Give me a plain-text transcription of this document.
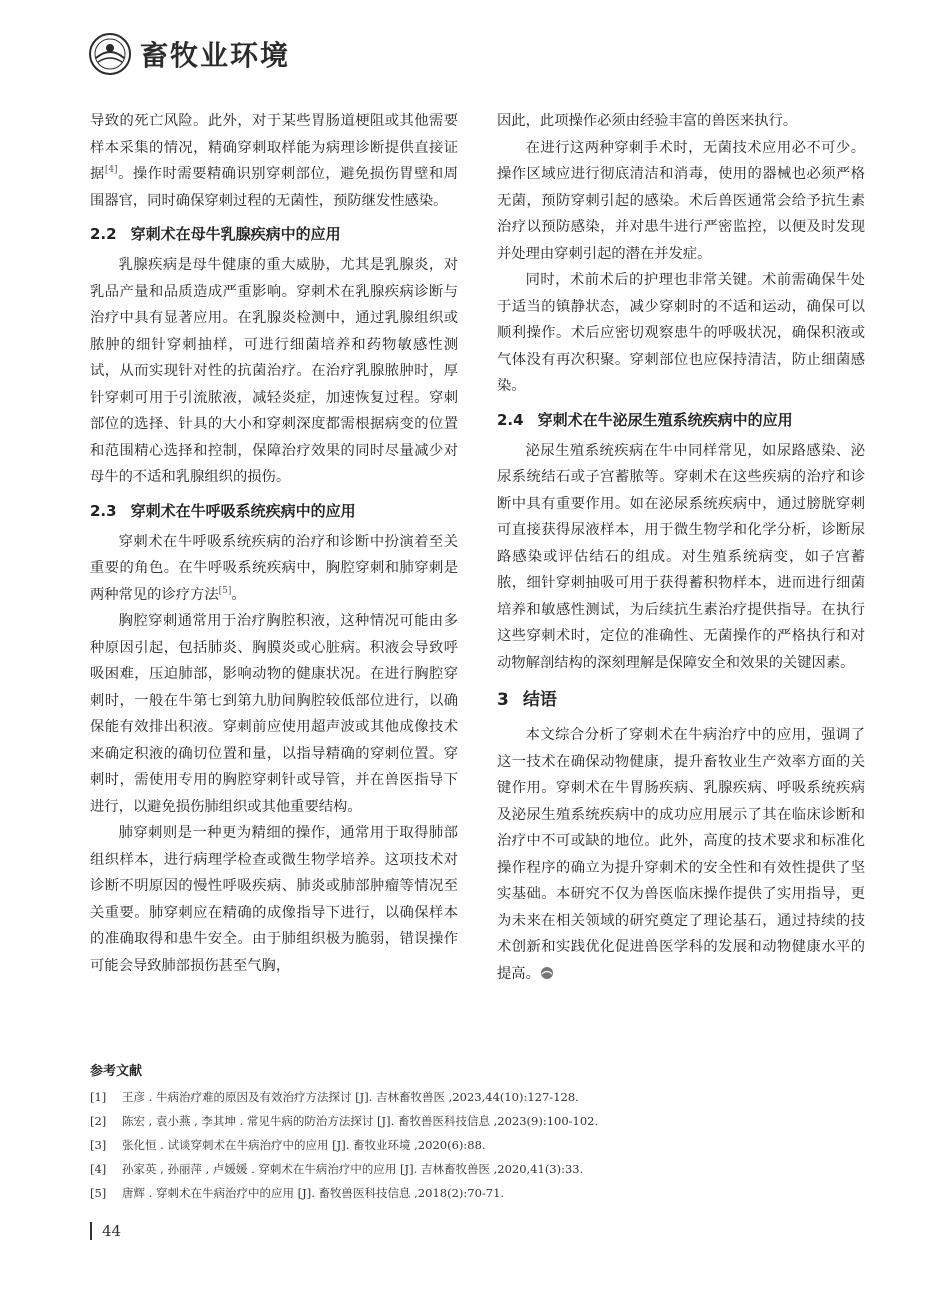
畜牧业环境

导致的死亡风险。此外，对于某些胃肠道梗阻或其他需要样本采集的情况，精确穿刺取样能为病理诊断提供直接证据[4]。操作时需要精确识别穿刺部位，避免损伤胃壁和周围器官，同时确保穿刺过程的无菌性，预防继发性感染。

2.2 穿刺术在母牛乳腺疾病中的应用

乳腺疾病是母牛健康的重大威胁，尤其是乳腺炎，对乳品产量和品质造成严重影响。穿刺术在乳腺疾病诊断与治疗中具有显著应用。在乳腺炎检测中，通过乳腺组织或脓肿的细针穿刺抽样，可进行细菌培养和药物敏感性测试，从而实现针对性的抗菌治疗。在治疗乳腺脓肿时，厚针穿刺可用于引流脓液，减轻炎症，加速恢复过程。穿刺部位的选择、针具的大小和穿刺深度都需根据病变的位置和范围精心选择和控制，保障治疗效果的同时尽量减少对母牛的不适和乳腺组织的损伤。

2.3 穿刺术在牛呼吸系统疾病中的应用

穿刺术在牛呼吸系统疾病的治疗和诊断中扮演着至关重要的角色。在牛呼吸系统疾病中，胸腔穿刺和肺穿刺是两种常见的诊疗方法[5]。

胸腔穿刺通常用于治疗胸腔积液，这种情况可能由多种原因引起，包括肺炎、胸膜炎或心脏病。积液会导致呼吸困难，压迫肺部，影响动物的健康状况。在进行胸腔穿刺时，一般在牛第七到第九肋间胸腔较低部位进行，以确保能有效排出积液。穿刺前应使用超声波或其他成像技术来确定积液的确切位置和量，以指导精确的穿刺位置。穿刺时，需使用专用的胸腔穿刺针或导管，并在兽医指导下进行，以避免损伤肺组织或其他重要结构。

肺穿刺则是一种更为精细的操作，通常用于取得肺部组织样本，进行病理学检查或微生物学培养。这项技术对诊断不明原因的慢性呼吸疾病、肺炎或肺部肿瘤等情况至关重要。肺穿刺应在精确的成像指导下进行，以确保样本的准确取得和患牛安全。由于肺组织极为脆弱，错误操作可能会导致肺部损伤甚至气胸，

因此，此项操作必须由经验丰富的兽医来执行。

在进行这两种穿刺手术时，无菌技术应用必不可少。操作区域应进行彻底清洁和消毒，使用的器械也必须严格无菌，预防穿刺引起的感染。术后兽医通常会给予抗生素治疗以预防感染，并对患牛进行严密监控，以便及时发现并处理由穿刺引起的潜在并发症。

同时，术前术后的护理也非常关键。术前需确保牛处于适当的镇静状态，减少穿刺时的不适和运动，确保可以顺利操作。术后应密切观察患牛的呼吸状况，确保积液或气体没有再次积聚。穿刺部位也应保持清洁，防止细菌感染。

2.4 穿刺术在牛泌尿生殖系统疾病中的应用

泌尿生殖系统疾病在牛中同样常见，如尿路感染、泌尿系统结石或子宫蓄脓等。穿刺术在这些疾病的治疗和诊断中具有重要作用。如在泌尿系统疾病中，通过膀胱穿刺可直接获得尿液样本，用于微生物学和化学分析，诊断尿路感染或评估结石的组成。对生殖系统病变，如子宫蓄脓，细针穿刺抽吸可用于获得蓄积物样本，进而进行细菌培养和敏感性测试，为后续抗生素治疗提供指导。在执行这些穿刺术时，定位的准确性、无菌操作的严格执行和对动物解剖结构的深刻理解是保障安全和效果的关键因素。

3 结语

本文综合分析了穿刺术在牛病治疗中的应用，强调了这一技术在确保动物健康，提升畜牧业生产效率方面的关键作用。穿刺术在牛胃肠疾病、乳腺疾病、呼吸系统疾病及泌尿生殖系统疾病中的成功应用展示了其在临床诊断和治疗中不可或缺的地位。此外，高度的技术要求和标准化操作程序的确立为提升穿刺术的安全性和有效性提供了坚实基础。本研究不仅为兽医临床操作提供了实用指导，更为未来在相关领域的研究奠定了理论基石，通过持续的技术创新和实践优化促进兽医学科的发展和动物健康水平的提高。

参考文献
[1] 王彦 . 牛病治疗难的原因及有效治疗方法探讨 [J]. 吉林畜牧兽医 ,2023,44(10):127-128.
[2] 陈宏 , 袁小燕 , 李其坤 . 常见牛病的防治方法探讨 [J]. 畜牧兽医科技信息 ,2023(9):100-102.
[3] 张化恒 . 试谈穿刺术在牛病治疗中的应用 [J]. 畜牧业环境 ,2020(6):88.
[4] 孙家英 , 孙丽萍 , 卢媛媛 . 穿刺术在牛病治疗中的应用 [J]. 吉林畜牧兽医 ,2020,41(3):33.
[5] 唐辉 . 穿刺术在牛病治疗中的应用 [J]. 畜牧兽医科技信息 ,2018(2):70-71.
44
